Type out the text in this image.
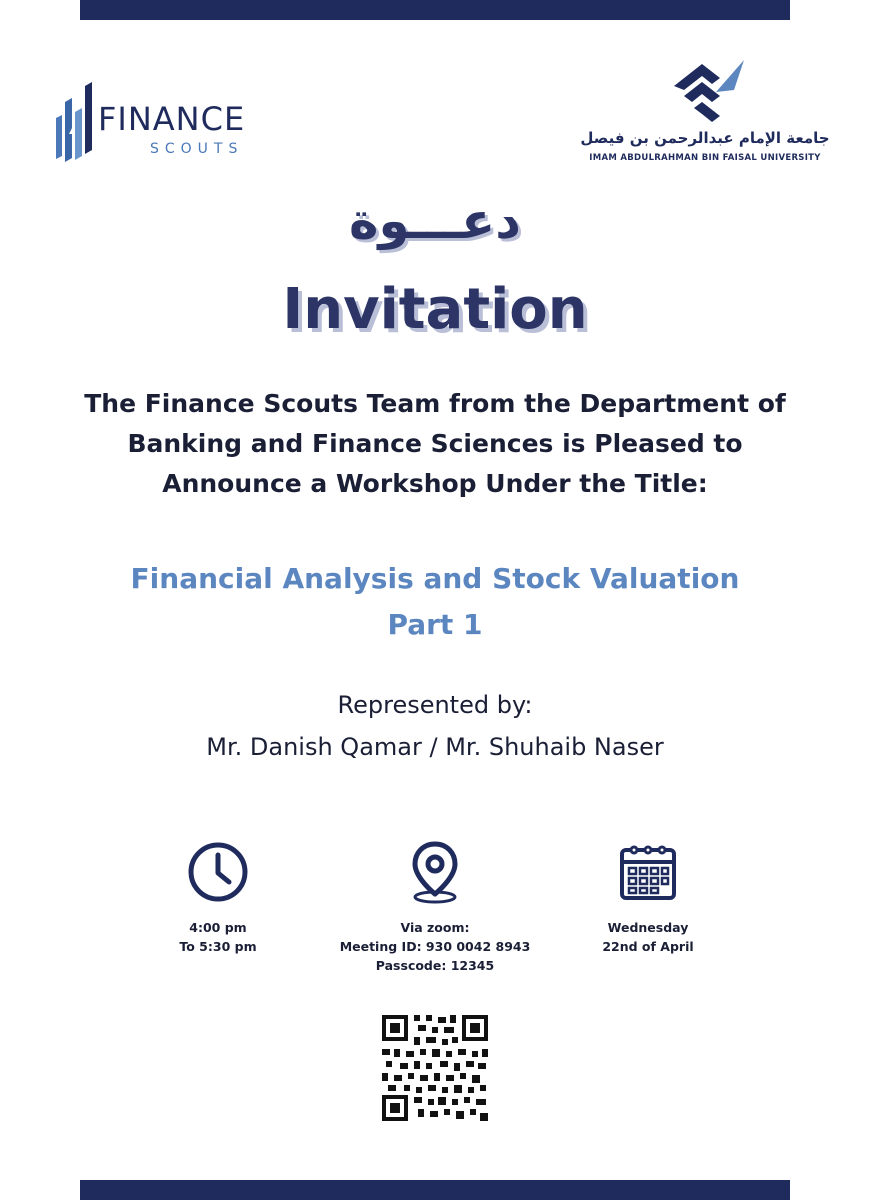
FINANCE
SCOUTS
جامعة الإمام عبدالرحمن بن فيصل
IMAM ABDULRAHMAN BIN FAISAL UNIVERSITY
دعـــوة
Invitation
The Finance Scouts Team from the Department of
Banking and Finance Sciences is Pleased to
Announce a Workshop Under the Title:
Financial Analysis and Stock Valuation
Part 1
Represented by:
Mr. Danish Qamar / Mr. Shuhaib Naser
4:00 pm
To 5:30 pm
Via zoom:
Meeting ID: 930 0042 8943
Passcode: 12345
Wednesday
22nd of April
